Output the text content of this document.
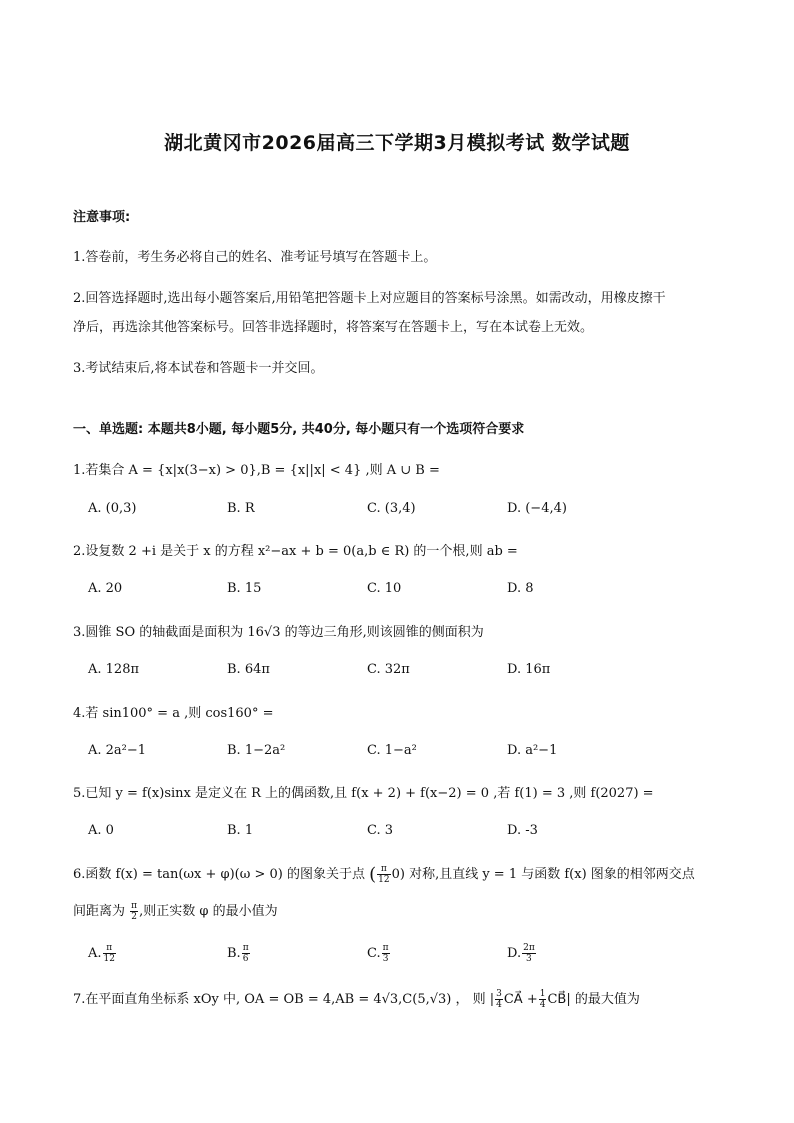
湖北黄冈市2026届高三下学期3月模拟考试 数学试题
注意事项:
1.答卷前，考生务必将自己的姓名、准考证号填写在答题卡上。
2.回答选择题时,选出每小题答案后,用铅笔把答题卡上对应题目的答案标号涂黑。如需改动，用橡皮擦干
净后，再选涂其他答案标号。回答非选择题时，将答案写在答题卡上，写在本试卷上无效。
3.考试结束后,将本试卷和答题卡一并交回。
一、单选题: 本题共8小题, 每小题5分, 共40分, 每小题只有一个选项符合要求
1.若集合 A = {x|x(3−x) > 0},B = {x||x| < 4} ,则 A ∪ B =
A. (0,3)	B. R	C. (3,4)	D. (−4,4)
2.设复数 2 +i 是关于 x 的方程 x²−ax + b = 0(a,b ∈ R) 的一个根,则 ab =
A. 20	B. 15	C. 10	D. 8
3.圆锥 SO 的轴截面是面积为 16√3 的等边三角形,则该圆锥的侧面积为
A. 128π	B. 64π	C. 32π	D. 16π
4.若 sin100° = a ,则 cos160° =
A. 2a²−1	B. 1−2a²	C. 1−a²	D. a²−1
5.已知 y = f(x)sinx 是定义在 R 上的偶函数,且 f(x + 2) + f(x−2) = 0 ,若 f(1) = 3 ,则 f(2027) =
A. 0	B. 1	C. 3	D. -3
6.函数 f(x) = tan(ωx + φ)(ω > 0) 的图象关于点 ( $\frac{\pi}{12} 0$) 对称,且直线 y = 1 与函数 f(x) 图象的相邻两交点
间距离为 $\frac{\pi}{2}$ ,则正实数 φ 的最小值为
A. $\frac{\pi}{12}$	B. $\frac{\pi}{6}$	C. $\frac{\pi}{3}$	D. $\frac{2\pi}{3}$
7.在平面直角坐标系 xOy 中, OA = OB = 4,AB = 4√3,C(5,√3) ， 则 | $\frac{3}{4}$ CA⃗ + $\frac{1}{4}$ CB⃗| 的最大值为
